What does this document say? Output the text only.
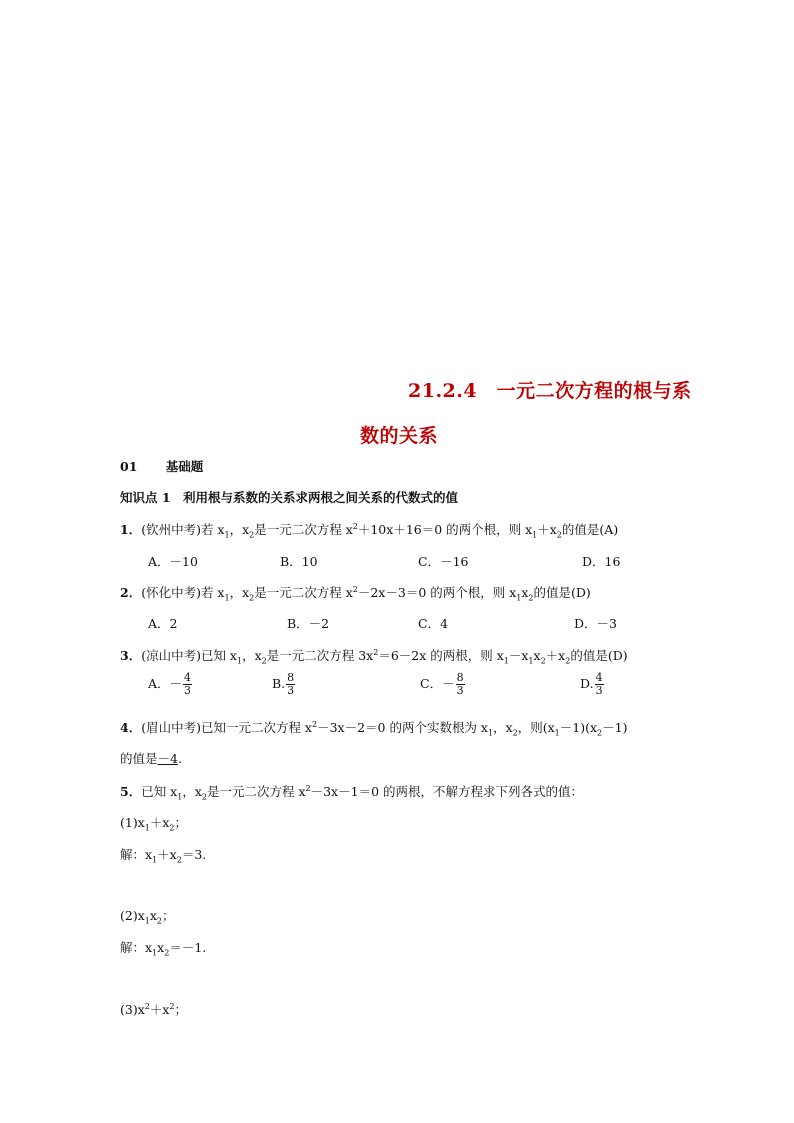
21.2.4　一元二次方程的根与系
数的关系
01 基础题
知识点 1　利用根与系数的关系求两根之间关系的代数式的值
1．(钦州中考)若 $x_1$，$x_2$是一元二次方程 $x^2+10x+16=0$ 的两个根，则 $x_1+x_2$的值是(A)
A．－10	B．10	C．－16	D．16
2．(怀化中考)若 $x_1$，$x_2$是一元二次方程 $x^2-2x-3=0$ 的两个根，则 $x_1x_2$的值是(D)
A．2	B．－2	C．4	D．－3
3．(凉山中考)已知 $x_1$，$x_2$是一元二次方程 $3x^2=6-2x$ 的两根，则 $x_1-x_1x_2+x_2$的值是(D)
A．－ $\frac{4}{3}$	B. $\frac{8}{3}$	C．－ $\frac{8}{3}$	D. $\frac{4}{3}$
4．(眉山中考)已知一元二次方程 $x^2-3x-2=0$ 的两个实数根为 $x_1$，$x_2$，则$(x_1-1)(x_2-1)$
的值是－4.
5．已知 $x_1$，$x_2$是一元二次方程 $x^2-3x-1=0$ 的两根，不解方程求下列各式的值：
$(1)x_1+x_2$；
解：$x_1+x_2=3$.
$(2)x_1x_2$；
解：$x_1x_2=-1$.
$(3)x^2+x^2$；
